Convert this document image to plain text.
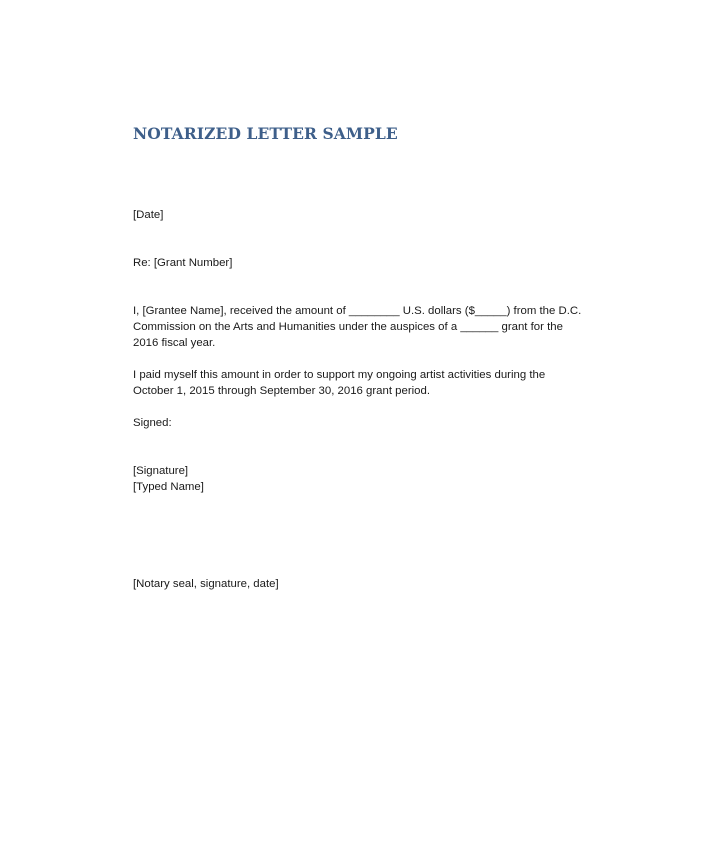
NOTARIZED LETTER SAMPLE

[Date]

Re: [Grant Number]

I, [Grantee Name], received the amount of ________ U.S. dollars ($_____) from the D.C.
Commission on the Arts and Humanities under the auspices of a ______ grant for the
2016 fiscal year.

I paid myself this amount in order to support my ongoing artist activities during the
October 1, 2015 through September 30, 2016 grant period.

Signed:

[Signature]
[Typed Name]

[Notary seal, signature, date]
